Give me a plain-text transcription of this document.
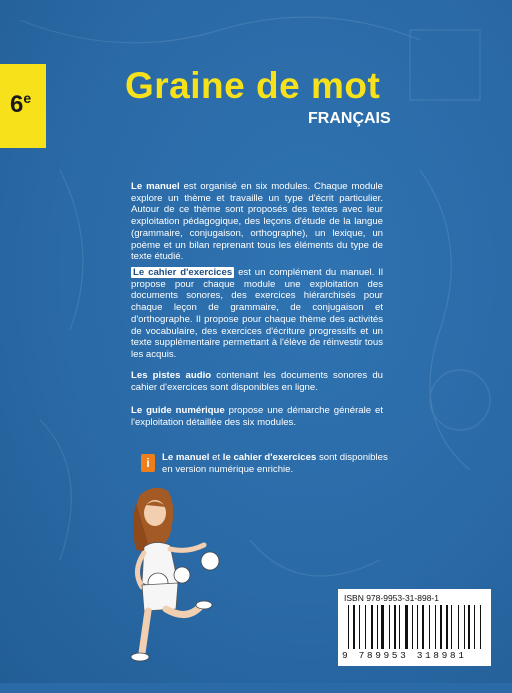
6e	Graine de mot
FRANÇAIS

Le manuel est organisé en six modules. Chaque module explore un thème et travaille un type d'écrit particulier. Autour de ce thème sont proposés des textes avec leur exploitation pédagogique, des leçons d'étude de la langue (grammaire, conjugaison, orthographe), un lexique, un poème et un bilan reprenant tous les éléments du type de texte étudié.

Le cahier d'exercices est un complément du manuel. Il propose pour chaque module une exploitation des documents sonores, des exercices hiérarchisés pour chaque leçon de grammaire, de conjugaison et d'orthographe. Il propose pour chaque thème des activités de vocabulaire, des exercices d'écriture progressifs et un texte supplémentaire permettant à l'élève de réinvestir tous les acquis.

Les pistes audio contenant les documents sonores du cahier d'exercices sont disponibles en ligne.

Le guide numérique propose une démarche générale et l'exploitation détaillée des six modules.

i	Le manuel et le cahier d'exercices sont disponibles en version numérique enrichie.

ISBN 978-9953-31-898-1
9 789953 318981
